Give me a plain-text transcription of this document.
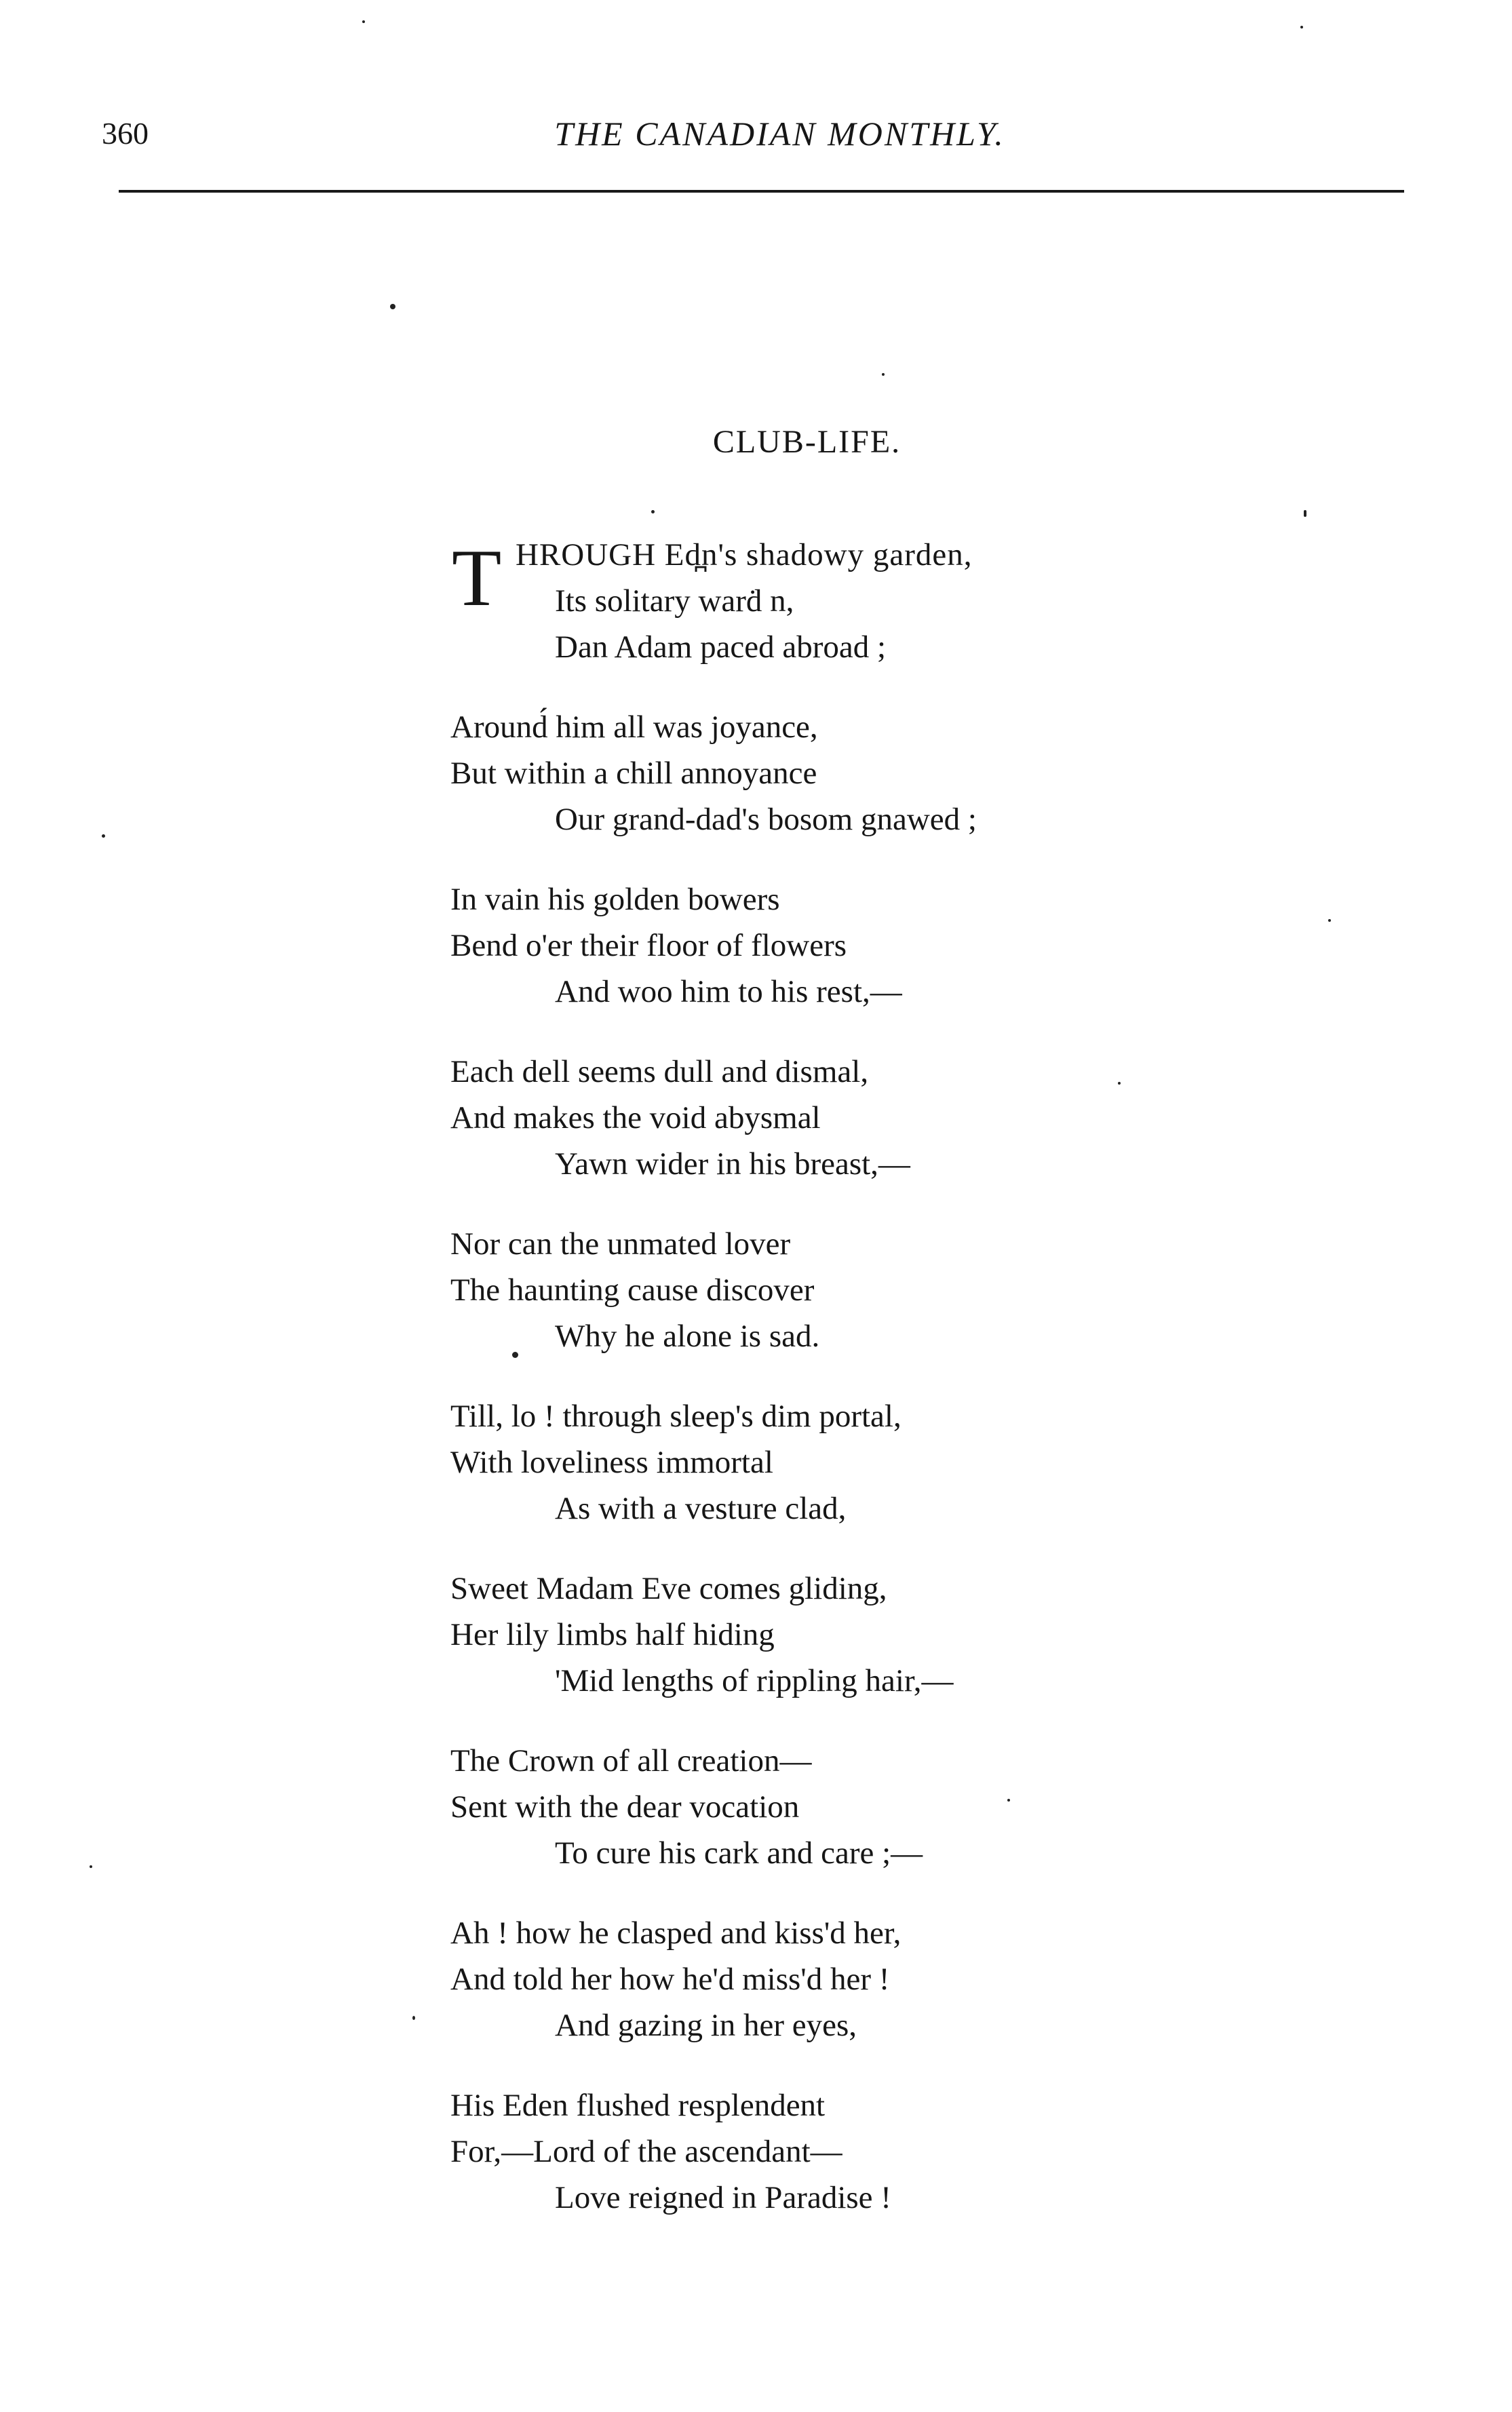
360	THE CANADIAN MONTHLY.
CLUB-LIFE.
T HROUGH Ed̪n's shadowy garden,
Its solitary warḋ n,
Dan Adam paced abroad ;
Around́ him all was joyance,
But within a chill annoyance
Our grand-dad's bosom gnawed ;
In vain his golden bowers
Bend o'er their floor of flowers
And woo him to his rest,—
Each dell seems dull and dismal,
And makes the void abysmal
Yawn wider in his breast,—
Nor can the unmated lover
The haunting cause discover
Why he alone is sad.
Till, lo ! through sleep's dim portal,
With loveliness immortal
As with a vesture clad,
Sweet Madam Eve comes gliding,
Her lily limbs half hiding
'Mid lengths of rippling hair,—
The Crown of all creation—
Sent with the dear vocation
To cure his cark and care ;—
Ah ! how he clasped and kiss'd her,
And told her how he'd miss'd her !
And gazing in her eyes,
His Eden flushed resplendent
For,—Lord of the ascendant—
Love reigned in Paradise !
